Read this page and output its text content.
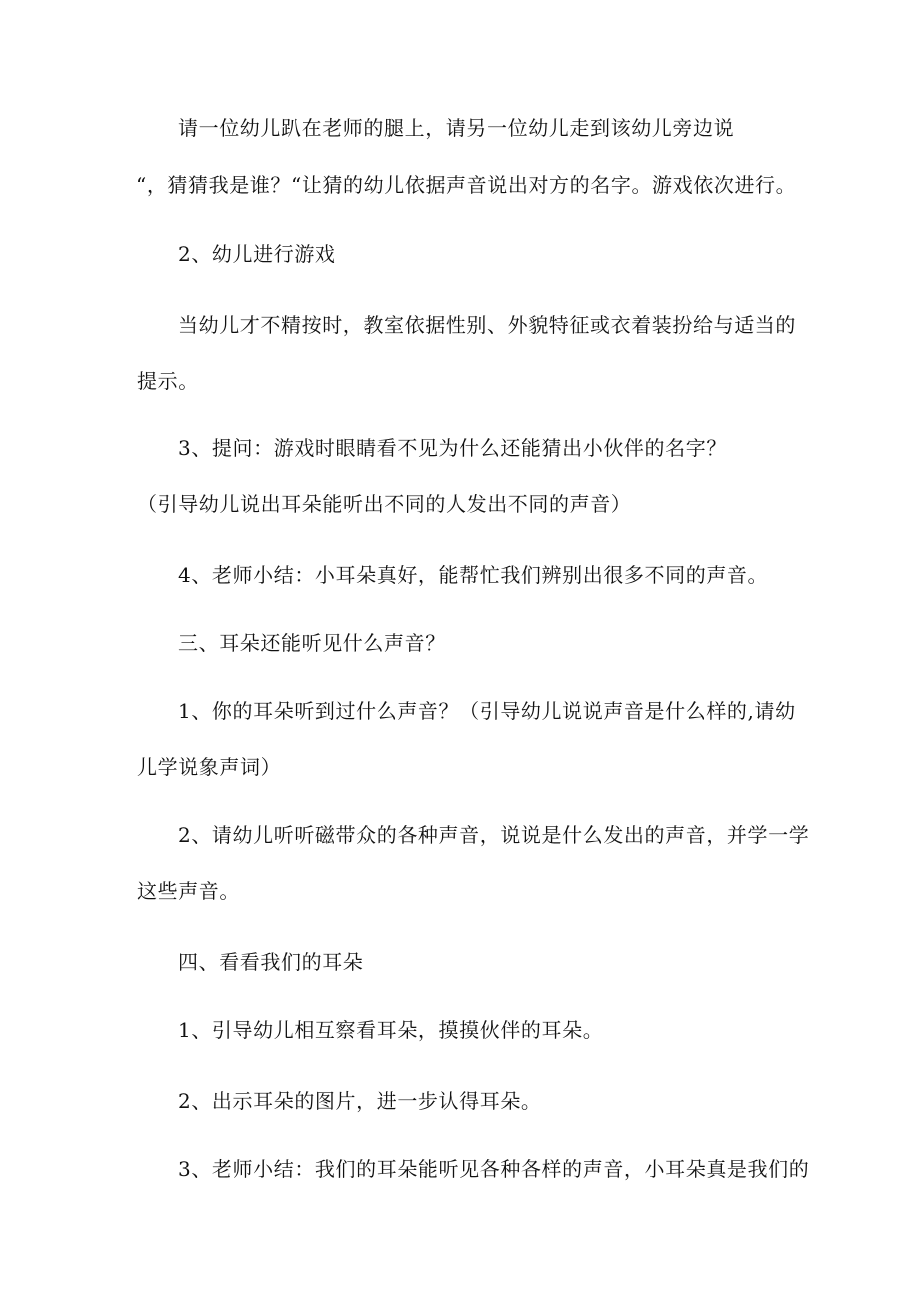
请一位幼儿趴在老师的腿上，请另一位幼儿走到该幼儿旁边说
“，猜猜我是谁？“让猜的幼儿依据声音说出对方的名字。游戏依次进行。
2、幼儿进行游戏
当幼儿才不精按时，教室依据性别、外貌特征或衣着装扮给与适当的
提示。
3、提问：游戏时眼睛看不见为什么还能猜出小伙伴的名字？
（引导幼儿说出耳朵能听出不同的人发出不同的声音）
4、老师小结：小耳朵真好，能帮忙我们辨别出很多不同的声音。
三、耳朵还能听见什么声音？
1、你的耳朵听到过什么声音？（引导幼儿说说声音是什么样的,请幼
儿学说象声词）
2、请幼儿听听磁带众的各种声音，说说是什么发出的声音，并学一学
这些声音。
四、看看我们的耳朵
1、引导幼儿相互察看耳朵，摸摸伙伴的耳朵。
2、出示耳朵的图片，进一步认得耳朵。
3、老师小结：我们的耳朵能听见各种各样的声音，小耳朵真是我们的
